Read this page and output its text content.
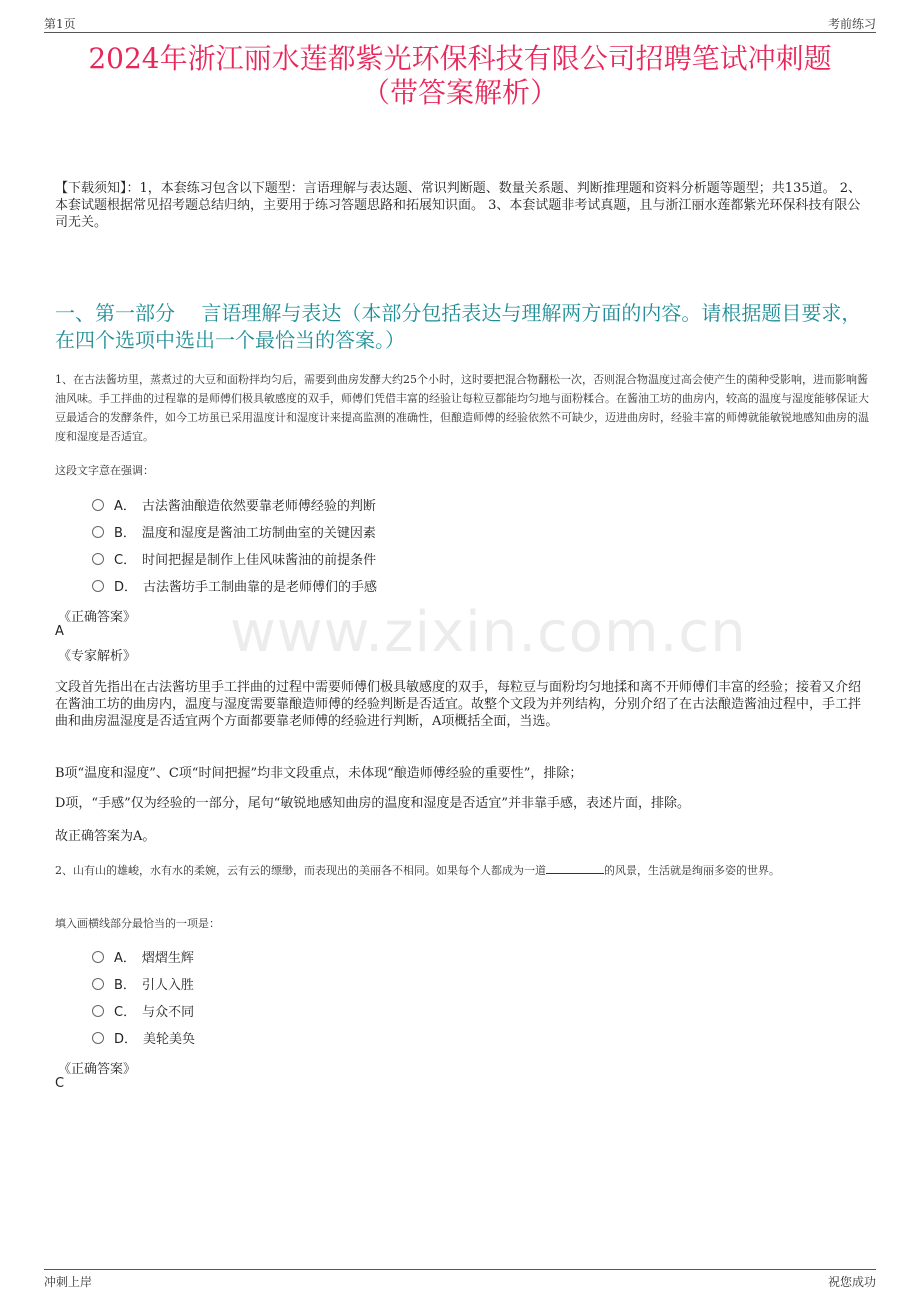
第1页	考前练习
2024年浙江丽水莲都紫光环保科技有限公司招聘笔试冲刺题
（带答案解析）
【下载须知】：1，本套练习包含以下题型：言语理解与表达题、常识判断题、数量关系题、判断推理题和资料分析题等题型；共135道。 2、本套试题根据常见招考题总结归纳，主要用于练习答题思路和拓展知识面。 3、本套试题非考试真题，且与浙江丽水莲都紫光环保科技有限公司无关。
一、第一部分　 言语理解与表达（本部分包括表达与理解两方面的内容。请根据题目要求，在四个选项中选出一个最恰当的答案。）
1、在古法酱坊里，蒸煮过的大豆和面粉拌均匀后，需要到曲房发酵大约25个小时，这时要把混合物翻松一次，否则混合物温度过高会使产生的菌种受影响，进而影响酱油风味。手工拌曲的过程靠的是师傅们极具敏感度的双手，师傅们凭借丰富的经验让每粒豆都能均匀地与面粉糅合。在酱油工坊的曲房内，较高的温度与湿度能够保证大豆最适合的发酵条件，如今工坊虽已采用温度计和湿度计来提高监测的准确性，但酿造师傅的经验依然不可缺少，迈进曲房时，经验丰富的师傅就能敏锐地感知曲房的温度和湿度是否适宜。
这段文字意在强调：
A． 古法酱油酿造依然要靠老师傅经验的判断
B． 温度和湿度是酱油工坊制曲室的关键因素
C． 时间把握是制作上佳风味酱油的前提条件
D． 古法酱坊手工制曲靠的是老师傅们的手感
《正确答案》
A
《专家解析》 www.zixin.com.cn
文段首先指出在古法酱坊里手工拌曲的过程中需要师傅们极具敏感度的双手，每粒豆与面粉均匀地揉和离不开师傅们丰富的经验；接着又介绍在酱油工坊的曲房内，温度与湿度需要靠酿造师傅的经验判断是否适宜。故整个文段为并列结构，分别介绍了在古法酿造酱油过程中，手工拌曲和曲房温湿度是否适宜两个方面都要靠老师傅的经验进行判断，A项概括全面，当选。
B项“温度和湿度”、C项“时间把握”均非文段重点，未体现“酿造师傅经验的重要性”，排除；
D项，“手感”仅为经验的一部分，尾句“敏锐地感知曲房的温度和湿度是否适宜”并非靠手感，表述片面，排除。
故正确答案为A。
2、山有山的雄峻，水有水的柔婉，云有云的缥缈，而表现出的美丽各不相同。如果每个人都成为一道	的风景，生活就是绚丽多姿的世界。
填入画横线部分最恰当的一项是：
A． 熠熠生辉
B． 引人入胜
C． 与众不同
D． 美轮美奂
《正确答案》
C
冲刺上岸	祝您成功
